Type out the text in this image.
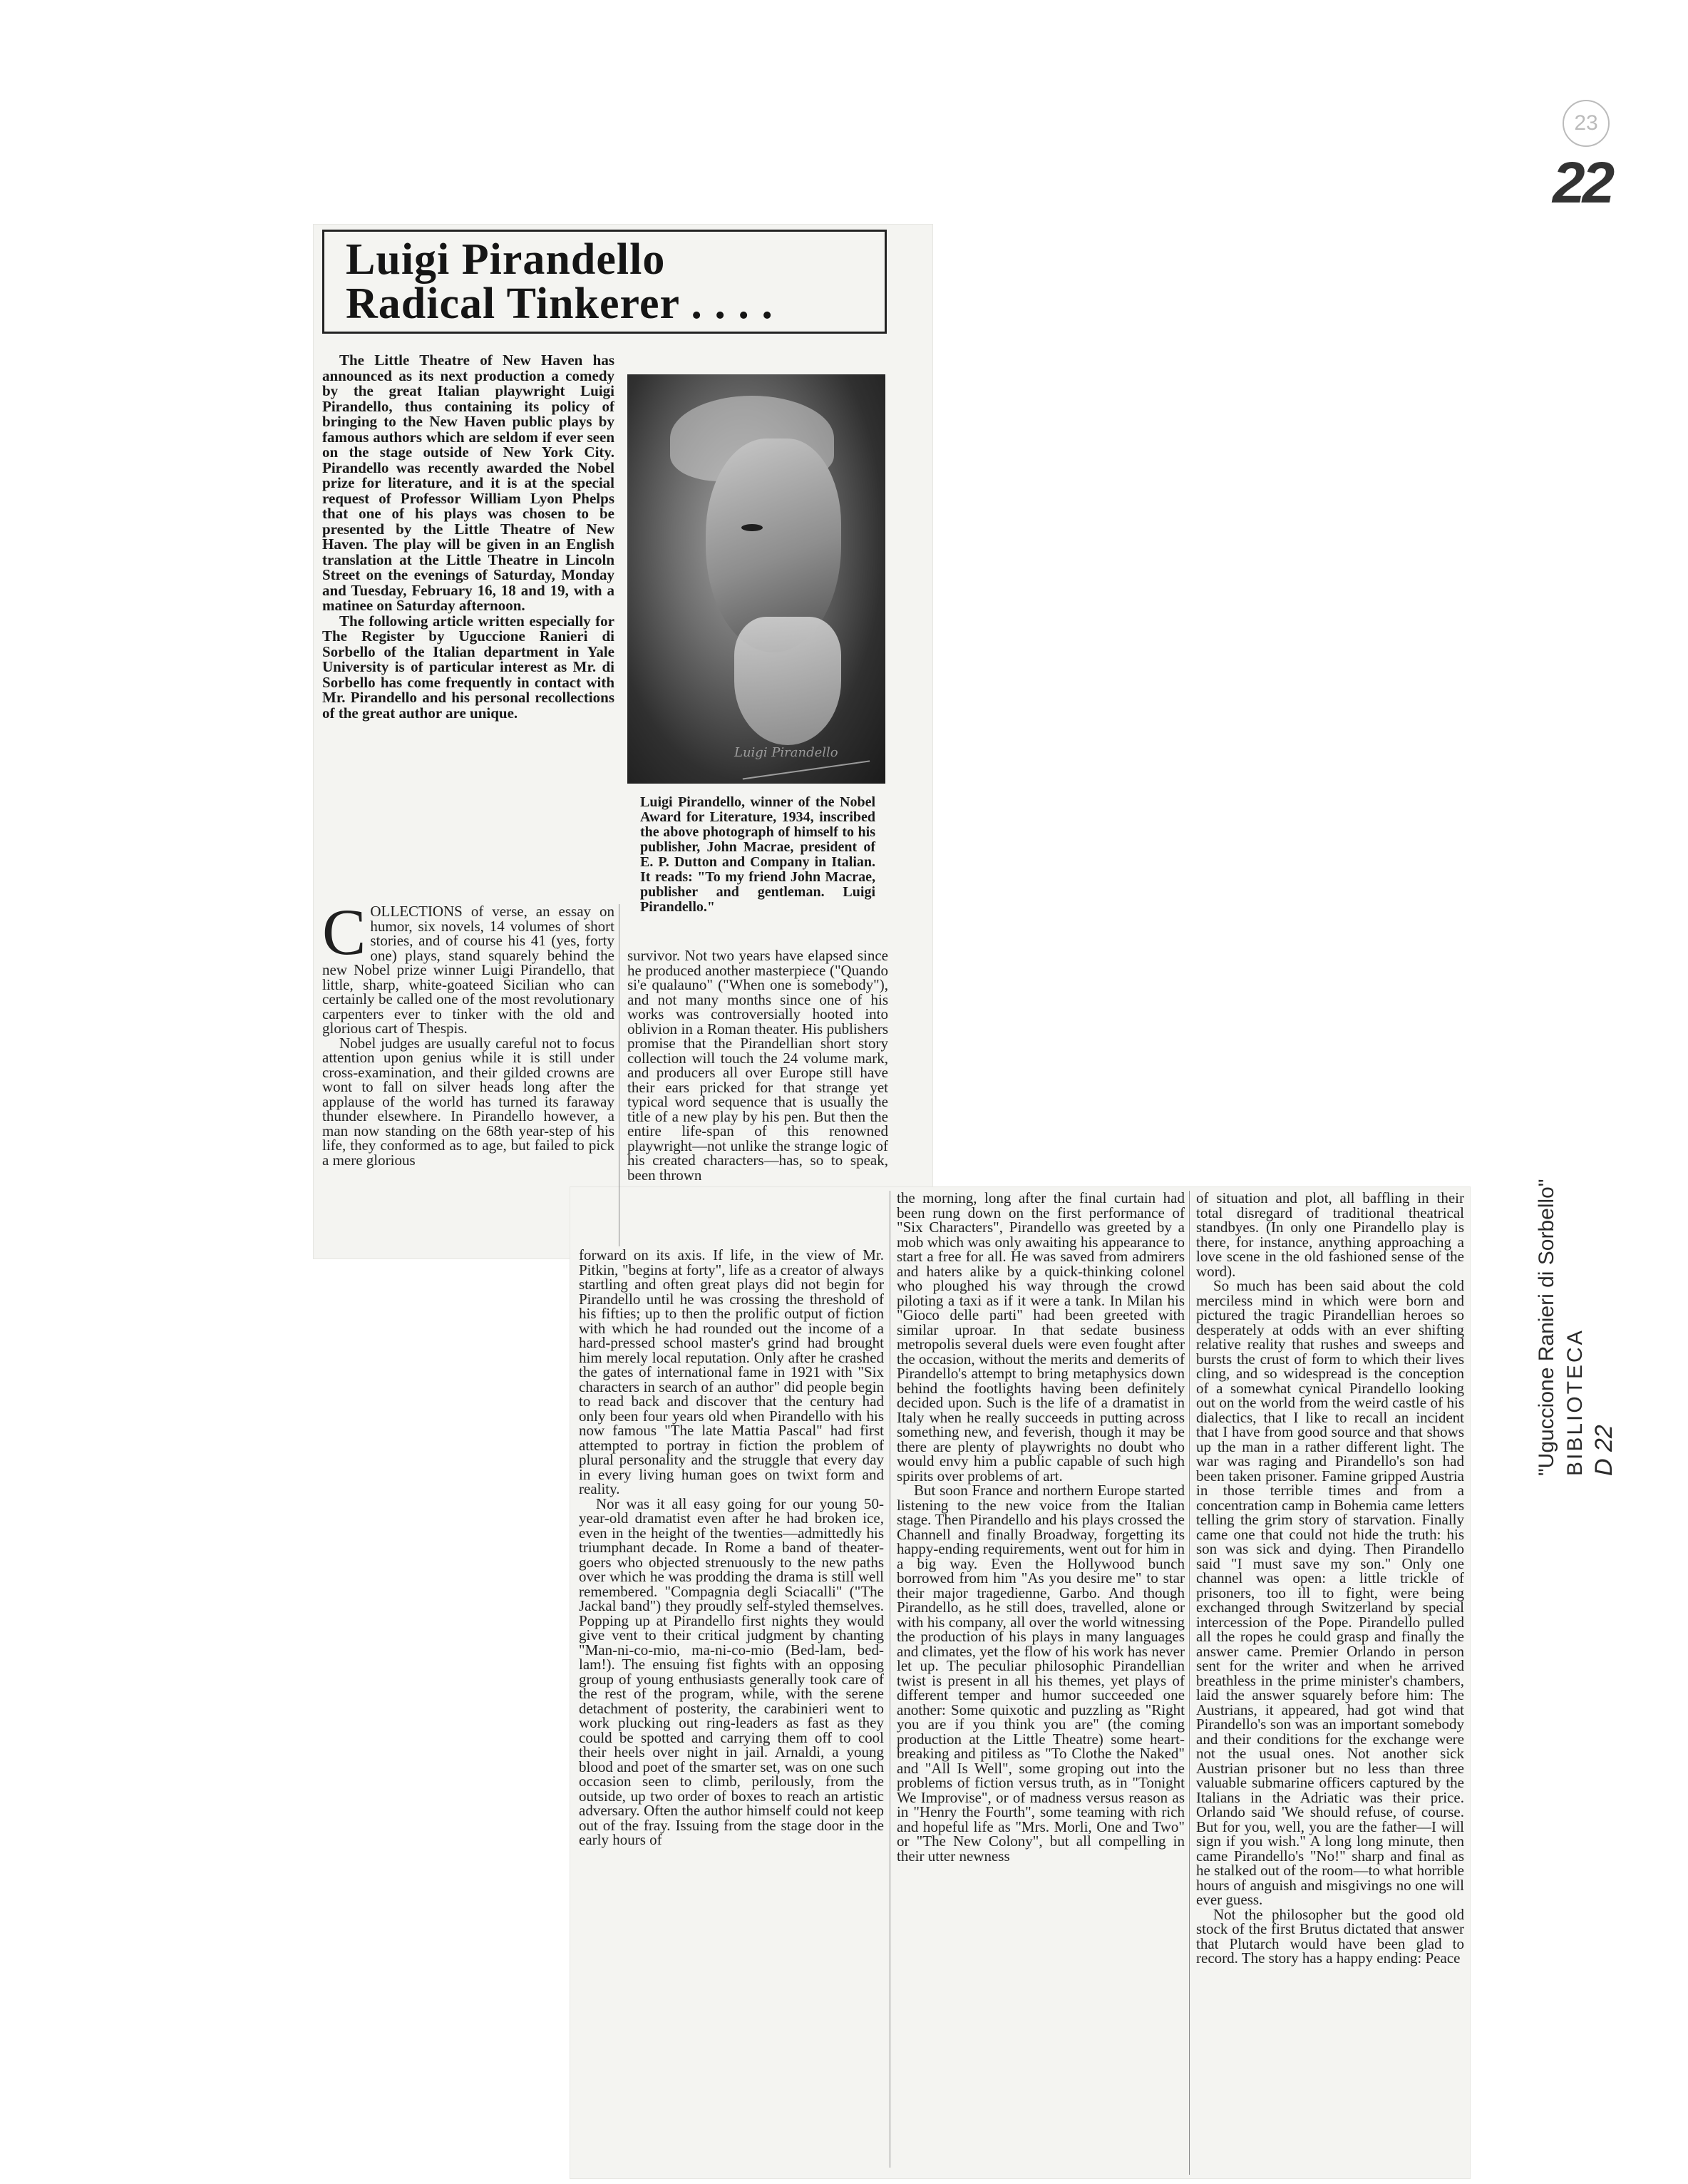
23
22
Luigi Pirandello
Radical Tinkerer . . . .

The Little Theatre of New Haven has announced as its next production a comedy by the great Italian playwright Luigi Pirandello, thus containing its policy of bringing to the New Haven public plays by famous authors which are seldom if ever seen on the stage outside of New York City. Pirandello was recently awarded the Nobel prize for literature, and it is at the special request of Professor William Lyon Phelps that one of his plays was chosen to be presented by the Little Theatre of New Haven. The play will be given in an English translation at the Little Theatre in Lincoln Street on the evenings of Saturday, Monday and Tuesday, February 16, 18 and 19, with a matinee on Saturday afternoon.

The following article written especially for The Register by Uguccione Ranieri di Sorbello of the Italian department in Yale University is of particular interest as Mr. di Sorbello has come frequently in contact with Mr. Pirandello and his personal recollections of the great author are unique.

Luigi Pirandello
Luigi Pirandello, winner of the Nobel Award for Literature, 1934, inscribed the above photograph of himself to his publisher, John Macrae, president of E. P. Dutton and Company in Italian. It reads: "To my friend John Macrae, publisher and gentleman. Luigi Pirandello."

COLLECTIONS of verse, an essay on humor, six novels, 14 volumes of short stories, and of course his 41 (yes, forty one) plays, stand squarely behind the new Nobel prize winner Luigi Pirandello, that little, sharp, white-goateed Sicilian who can certainly be called one of the most revolutionary carpenters ever to tinker with the old and glorious cart of Thespis.

Nobel judges are usually careful not to focus attention upon genius while it is still under cross-examination, and their gilded crowns are wont to fall on silver heads long after the applause of the world has turned its faraway thunder elsewhere. In Pirandello however, a man now standing on the 68th year-step of his life, they conformed as to age, but failed to pick a mere glorious

survivor. Not two years have elapsed since he produced another masterpiece ("Quando si'e qualauno" ("When one is somebody"), and not many months since one of his works was controversially hooted into oblivion in a Roman theater. His publishers promise that the Pirandellian short story collection will touch the 24 volume mark, and producers all over Europe still have their ears pricked for that strange yet typical word sequence that is usually the title of a new play by his pen. But then the entire life-span of this renowned playwright—not unlike the strange logic of his created characters—has, so to speak, been thrown

forward on its axis. If life, in the view of Mr. Pitkin, "begins at forty", life as a creator of always startling and often great plays did not begin for Pirandello until he was crossing the threshold of his fifties; up to then the prolific output of fiction with which he had rounded out the income of a hard-pressed school master's grind had brought him merely local reputation. Only after he crashed the gates of international fame in 1921 with "Six characters in search of an author" did people begin to read back and discover that the century had only been four years old when Pirandello with his now famous "The late Mattia Pascal" had first attempted to portray in fiction the problem of plural personality and the struggle that every day in every living human goes on twixt form and reality.

Nor was it all easy going for our young 50-year-old dramatist even after he had broken ice, even in the height of the twenties—admittedly his triumphant decade. In Rome a band of theater-goers who objected strenuously to the new paths over which he was prodding the drama is still well remembered. "Compagnia degli Sciacalli" ("The Jackal band") they proudly self-styled themselves. Popping up at Pirandello first nights they would give vent to their critical judgment by chanting "Man-ni-co-mio, ma-ni-co-mio (Bed-lam, bed-lam!). The ensuing fist fights with an opposing group of young enthusiasts generally took care of the rest of the program, while, with the serene detachment of posterity, the carabinieri went to work plucking out ring-leaders as fast as they could be spotted and carrying them off to cool their heels over night in jail. Arnaldi, a young blood and poet of the smarter set, was on one such occasion seen to climb, perilously, from the outside, up two order of boxes to reach an artistic adversary. Often the author himself could not keep out of the fray. Issuing from the stage door in the early hours of

the morning, long after the final curtain had been rung down on the first performance of "Six Characters", Pirandello was greeted by a mob which was only awaiting his appearance to start a free for all. He was saved from admirers and haters alike by a quick-thinking colonel who ploughed his way through the crowd piloting a taxi as if it were a tank. In Milan his "Gioco delle parti" had been greeted with similar uproar. In that sedate business metropolis several duels were even fought after the occasion, without the merits and demerits of Pirandello's attempt to bring metaphysics down behind the footlights having been definitely decided upon. Such is the life of a dramatist in Italy when he really succeeds in putting across something new, and feverish, though it may be there are plenty of playwrights no doubt who would envy him a public capable of such high spirits over problems of art.

But soon France and northern Europe started listening to the new voice from the Italian stage. Then Pirandello and his plays crossed the Channell and finally Broadway, forgetting its happy-ending requirements, went out for him in a big way. Even the Hollywood bunch borrowed from him "As you desire me" to star their major tragedienne, Garbo. And though Pirandello, as he still does, travelled, alone or with his company, all over the world witnessing the production of his plays in many languages and climates, yet the flow of his work has never let up. The peculiar philosophic Pirandellian twist is present in all his themes, yet plays of different temper and humor succeeded one another: Some quixotic and puzzling as "Right you are if you think you are" (the coming production at the Little Theatre) some heart-breaking and pitiless as "To Clothe the Naked" and "All Is Well", some groping out into the problems of fiction versus truth, as in "Tonight We Improvise", or of madness versus reason as in "Henry the Fourth", some teaming with rich and hopeful life as "Mrs. Morli, One and Two" or "The New Colony", but all compelling in their utter newness

of situation and plot, all baffling in their total disregard of traditional theatrical standbyes. (In only one Pirandello play is there, for instance, anything approaching a love scene in the old fashioned sense of the word).

So much has been said about the cold merciless mind in which were born and pictured the tragic Pirandellian heroes so desperately at odds with an ever shifting relative reality that rushes and sweeps and bursts the crust of form to which their lives cling, and so widespread is the conception of a somewhat cynical Pirandello looking out on the world from the weird castle of his dialectics, that I like to recall an incident that I have from good source and that shows up the man in a rather different light. The war was raging and Pirandello's son had been taken prisoner. Famine gripped Austria in those terrible times and from a concentration camp in Bohemia came letters telling the grim story of starvation. Finally came one that could not hide the truth: his son was sick and dying. Then Pirandello said "I must save my son." Only one channel was open: a little trickle of prisoners, too ill to fight, were being exchanged through Switzerland by special intercession of the Pope. Pirandello pulled all the ropes he could grasp and finally the answer came. Premier Orlando in person sent for the writer and when he arrived breathless in the prime minister's chambers, laid the answer squarely before him: The Austrians, it appeared, had got wind that Pirandello's son was an important somebody and their conditions for the exchange were not the usual ones. Not another sick Austrian prisoner but no less than three valuable submarine officers captured by the Italians in the Adriatic was their price. Orlando said 'We should refuse, of course. But for you, well, you are the father—I will sign if you wish." A long long minute, then came Pirandello's "No!" sharp and final as he stalked out of the room—to what horrible hours of anguish and misgivings no one will ever guess.

Not the philosopher but the good old stock of the first Brutus dictated that answer that Plutarch would have been glad to record. The story has a happy ending: Peace

"Uguccione Ranieri di Sorbello" BIBLIOTECA D 22
